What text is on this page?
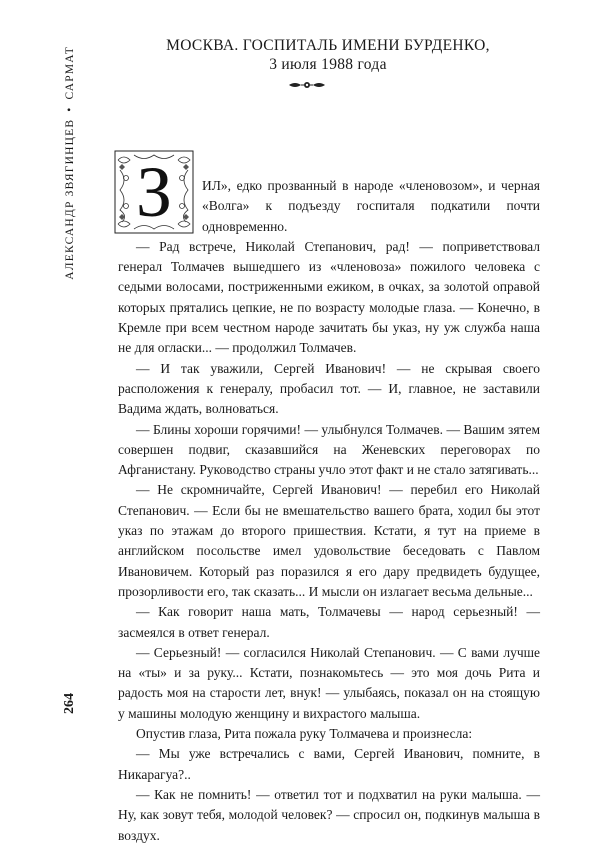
АЛЕКСАНДР ЗВЯГИНЦЕВ•САРМАТ
264
МОСКВА. ГОСПИТАЛЬ ИМЕНИ БУРДЕНКО,
3 июля 1988 года
З	ИЛ», едко прозванный в народе «членовозом», и черная «Волга» к подъезду госпиталя подкатили почти одновременно.

— Рад встрече, Николай Степанович, рад! — поприветствовал генерал Толмачев вышедшего из «членовоза» пожилого человека с седыми волосами, постриженными ежиком, в очках, за золотой оправой которых прятались цепкие, не по возрасту молодые глаза. — Конечно, в Кремле при всем честном народе зачитать бы указ, ну уж служба наша не для огласки... — продолжил Толмачев.

— И так уважили, Сергей Иванович! — не скрывая своего расположения к генералу, пробасил тот. — И, главное, не заставили Вадима ждать, волноваться.

— Блины хороши горячими! — улыбнулся Толмачев. — Вашим зятем совершен подвиг, сказавшийся на Женевских переговорах по Афганистану. Руководство страны учло этот факт и не стало затягивать...

— Не скромничайте, Сергей Иванович! — перебил его Николай Степанович. — Если бы не вмешательство вашего брата, ходил бы этот указ по этажам до второго пришествия. Кстати, я тут на приеме в английском посольстве имел удовольствие беседовать с Павлом Ивановичем. Который раз поразился я его дару предвидеть будущее, прозорливости его, так сказать... И мысли он излагает весьма дельные...

— Как говорит наша мать, Толмачевы — народ серьезный! — засмеялся в ответ генерал.

— Серьезный! — согласился Николай Степанович. — С вами лучше на «ты» и за руку... Кстати, познакомьтесь — это моя дочь Рита и радость моя на старости лет, внук! — улыбаясь, показал он на стоящую у машины молодую женщину и вихрастого малыша.

Опустив глаза, Рита пожала руку Толмачева и произнесла:

— Мы уже встречались с вами, Сергей Иванович, помните, в Никарагуа?..

— Как не помнить! — ответил тот и подхватил на руки малыша. — Ну, как зовут тебя, молодой человек? — спросил он, подкинув малыша в воздух.
